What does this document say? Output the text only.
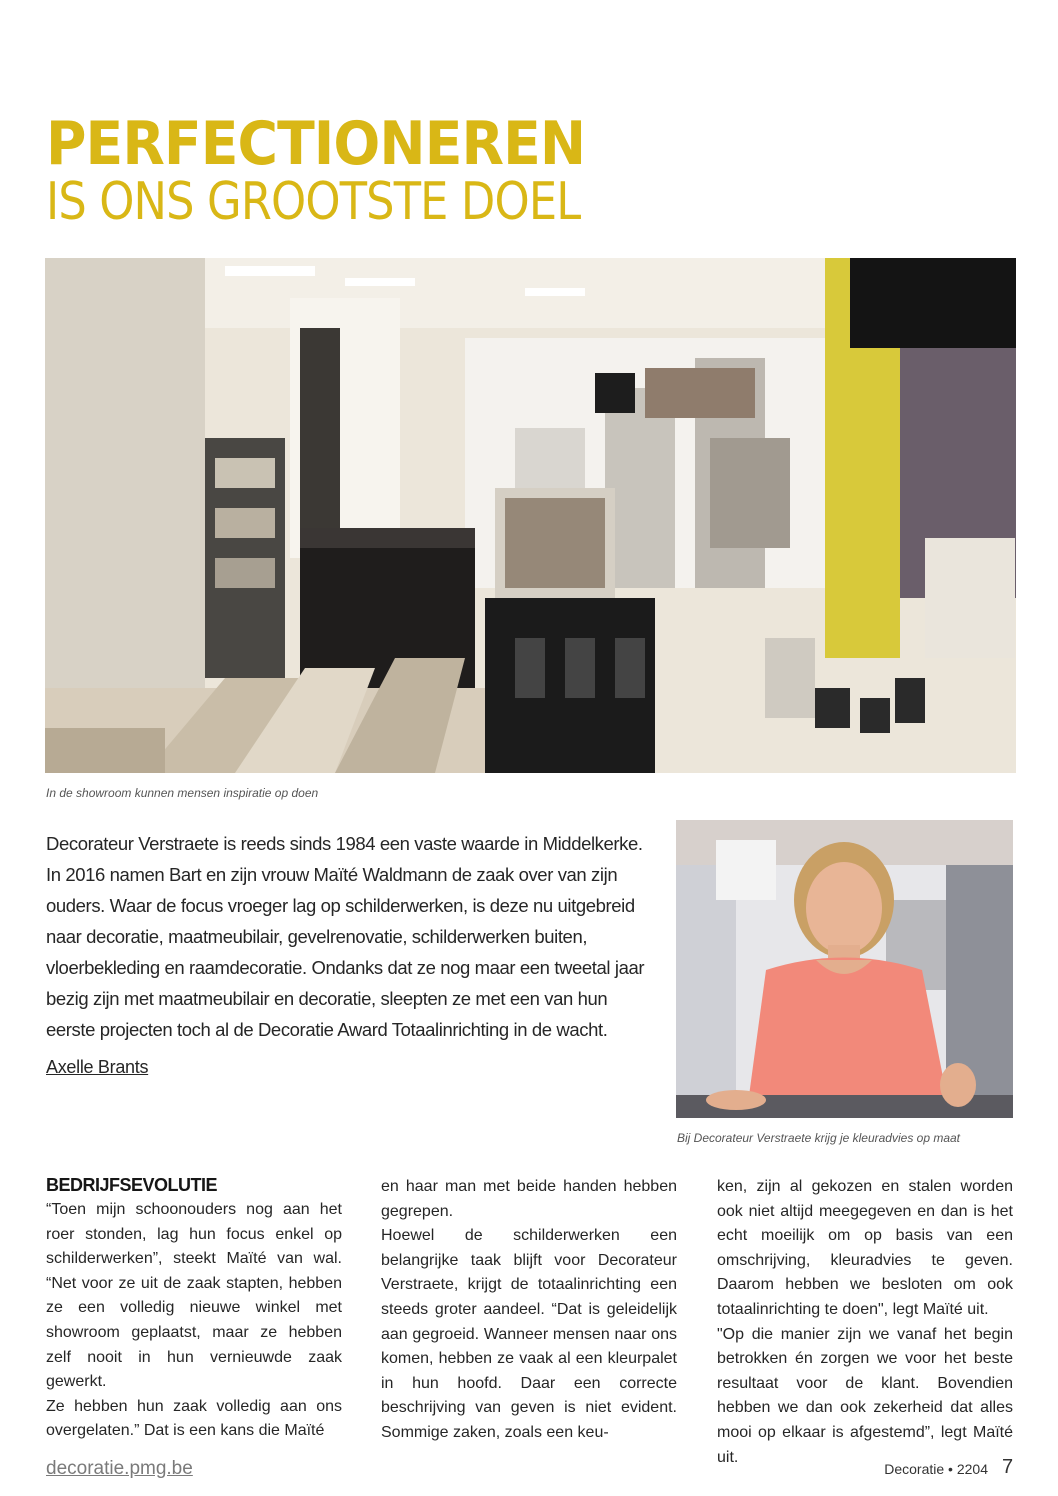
PERFECTIONEREN
IS ONS GROOTSTE DOEL

In de showroom kunnen mensen inspiratie op doen

Decorateur Verstraete is reeds sinds 1984 een vaste waarde in Middelkerke. In 2016 namen Bart en zijn vrouw Maïté Waldmann de zaak over van zijn ouders. Waar de focus vroeger lag op schilderwerken, is deze nu uitgebreid naar decoratie, maatmeubilair, gevelrenovatie, schilderwerken buiten, vloerbekleding en raamdecoratie. Ondanks dat ze nog maar een tweetal jaar bezig zijn met maatmeubilair en decoratie, sleepten ze met een van hun eerste projecten toch al de Decoratie Award Totaalinrichting in de wacht.

Axelle Brants

Bij Decorateur Verstraete krijg je kleuradvies op maat

BEDRIJFSEVOLUTIE

“Toen mijn schoonouders nog aan het roer stonden, lag hun focus enkel op schilderwerken”, steekt Maïté van wal. “Net voor ze uit de zaak stapten, hebben ze een volledig nieuwe winkel met showroom geplaatst, maar ze hebben zelf nooit in hun vernieuwde zaak gewerkt.

Ze hebben hun zaak volledig aan ons overgelaten.” Dat is een kans die Maïté

en haar man met beide handen hebben gegrepen.

Hoewel de schilderwerken een belangrijke taak blijft voor Decorateur Verstraete, krijgt de totaalinrichting een steeds groter aandeel. “Dat is geleidelijk aan gegroeid. Wanneer mensen naar ons komen, hebben ze vaak al een kleurpalet in hun hoofd. Daar een correcte beschrijving van geven is niet evident. Sommige zaken, zoals een keu-

ken, zijn al gekozen en stalen worden ook niet altijd meegegeven en dan is het echt moeilijk om op basis van een omschrijving, kleuradvies te geven. Daarom hebben we besloten om ook totaalinrichting te doen", legt Maïté uit.

"Op die manier zijn we vanaf het begin betrokken én zorgen we voor het beste resultaat voor de klant. Bovendien hebben we dan ook zekerheid dat alles mooi op elkaar is afgestemd”, legt Maïté uit.

decoratie.pmg.be	Decoratie • 2204 7
